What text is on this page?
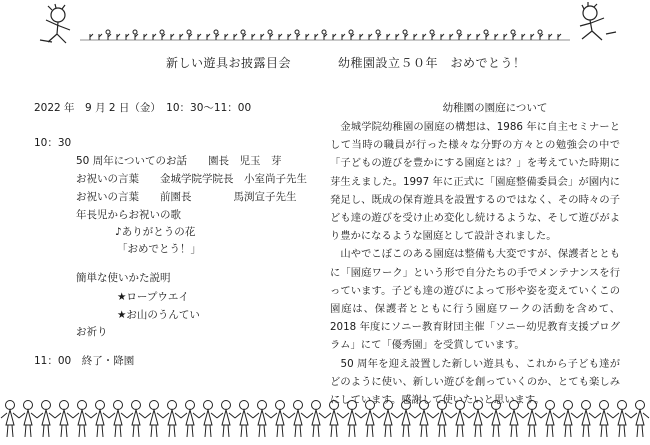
新しい遊具お披露目会	幼稚園設立５０年　おめでとう！
2022 年　9 月 2 日（金）　10：30～11：00
10：30
50 周年についてのお話　　園長　児玉　芽
お祝いの言葉　　金城学院学院長　小室尚子先生
お祝いの言葉　　前園長　　　　馬渕宣子先生
年長児からお祝いの歌
♪ありがとうの花
「おめでとう！」
簡単な使いかた説明
★ロープウエイ
★お山のうんてい
お祈り
11：00　終了・降園
幼稚園の園庭について

　金城学院幼稚園の園庭の構想は、1986 年に自主セミナーとして当時の職員が行った様々な分野の方々との勉強会の中で「子どもの遊びを豊かにする園庭とは？」を考えていた時期に芽生えました。1997 年に正式に「園庭整備委員会」が園内に発足し、既成の保育遊具を設置するのではなく、その時々の子ども達の遊びを受け止め変化し続けるような、そして遊びがより豊かになるような園庭として設計されました。

　山やでこぼこのある園庭は整備も大変ですが、保護者とともに「園庭ワーク」という形で自分たちの手でメンテナンスを行っています。子ども達の遊びによって形や姿を変えていくこの園庭は、保護者とともに行う園庭ワークの活動を含めて、2018 年度にソニー教育財団主催「ソニー幼児教育支援プログラム」にて「優秀園」を受賞しています。

　50 周年を迎え設置した新しい遊具も、これから子ども達がどのように使い、新しい遊びを創っていくのか、とても楽しみにしています。感謝して使いたいと思います。
